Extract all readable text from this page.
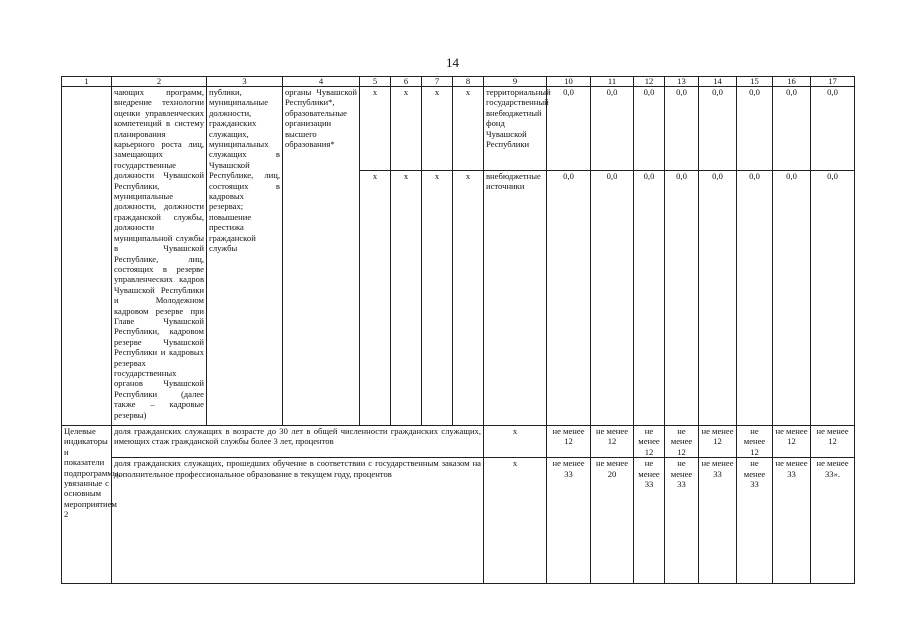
14
1	2	3	4	5	6	7	8	9	10	11	12	13	14	15	16	17
	чающих программ, внедрение технологии оценки управленческих компетенций в систему планирования карьерного роста лиц, замещающих государственные должности Чувашской Республики, муниципальные должности, должности гражданской службы, должности муниципальной службы в Чувашской Республике, лиц, состоящих в резерве управленческих кадров Чувашской Республики и Молодежном кадровом резерве при Главе Чувашской Республики, кадровом резерве Чувашской Республики и кадровых резервах государственных органов Чувашской Республики (далее также – кадровые резервы)	публики, муниципальные должности, гражданских служащих, муниципальных служащих в Чувашской Республике, лиц, состоящих в кадровых резервах; повышение престижа гражданской службы	органы Чувашской Республики*, образовательные организации высшего образования*	х	х	х	х	территориальный государственный внебюджетный фонд Чувашской Республики	0,0	0,0	0,0	0,0	0,0	0,0	0,0	0,0
				х	х	х	х	внебюджетные источники	0,0	0,0	0,0	0,0	0,0	0,0	0,0	0,0
Целевые индикаторы и показатели подпрограммы, увязанные с основным мероприятием 2	доля гражданских служащих в возрасте до 30 лет в общей численности гражданских служащих, имеющих стаж гражданской службы более 3 лет, процентов							х	не менее 12	не менее 12	не менее 12	не менее 12	не менее 12	не менее 12	не менее 12	не менее 12
	доля гражданских служащих, прошедших обучение в соответствии с государственным заказом на дополнительное профессиональное образование в текущем году, процентов							х	не менее 33	не менее 20	не менее 33	не менее 33	не менее 33	не менее 33	не менее 33	не менее 33».
